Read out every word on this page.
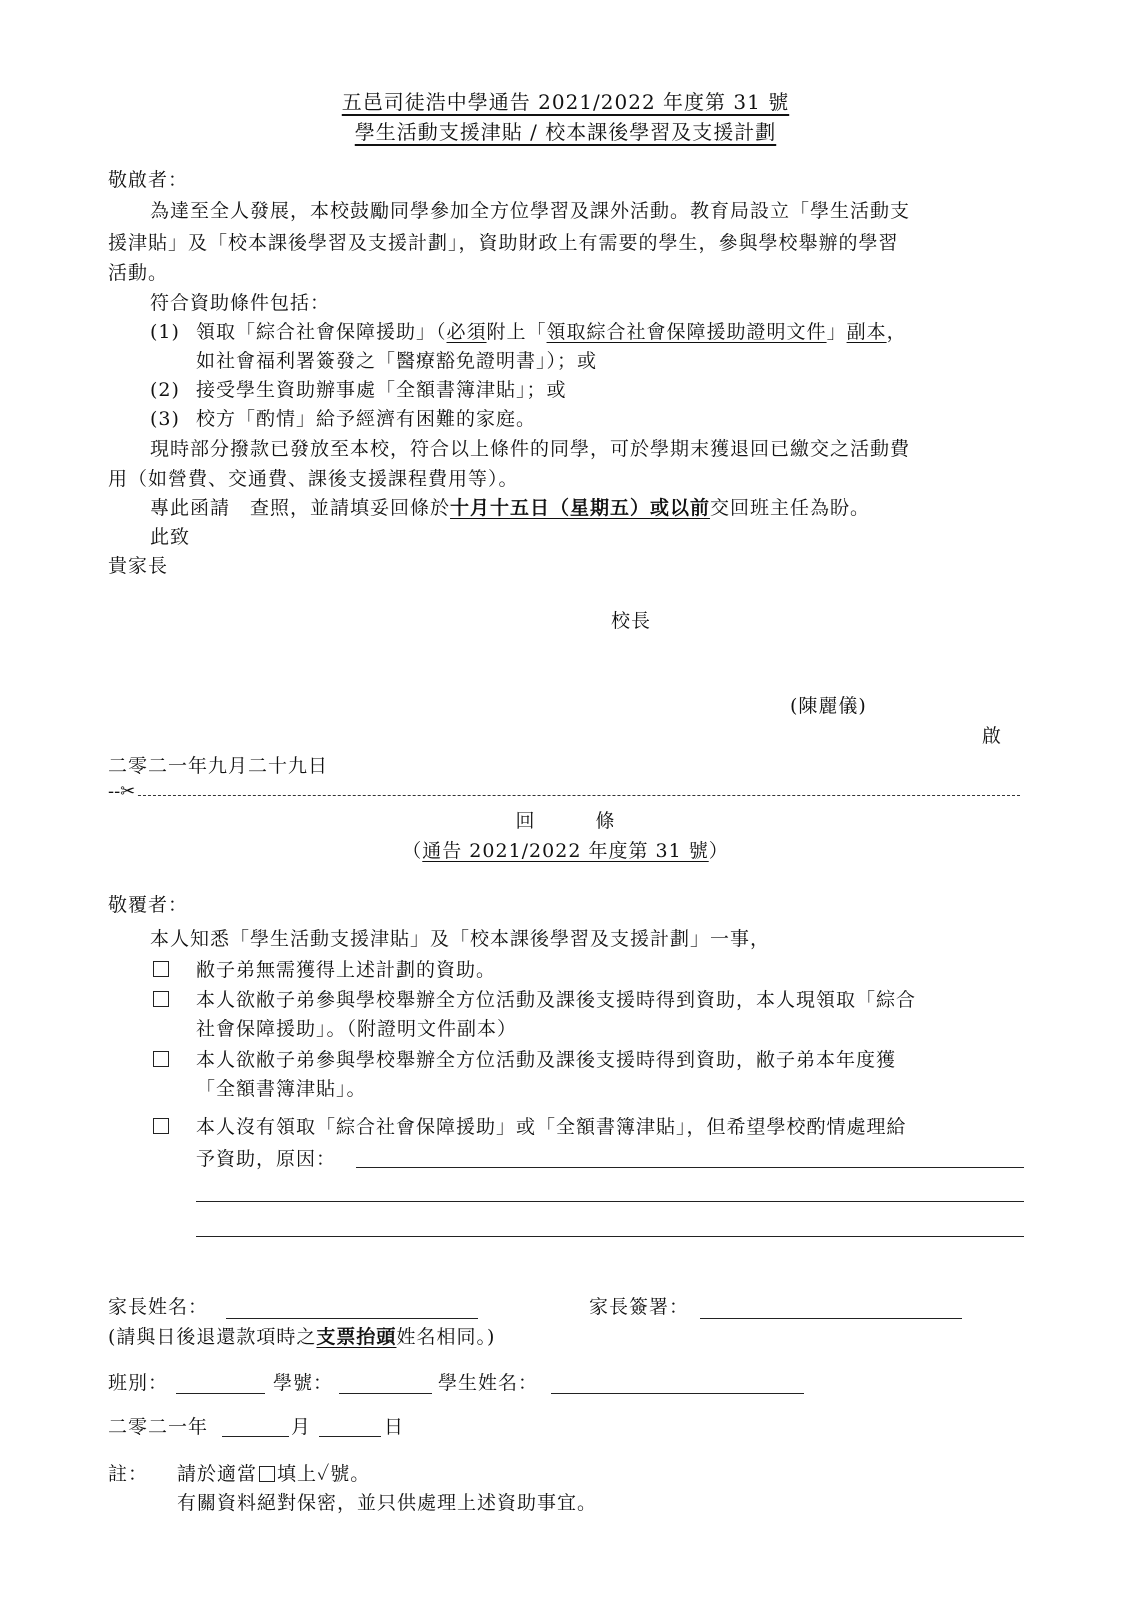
五邑司徒浩中學通告 2021/2022 年度第 31 號
學生活動支援津貼 / 校本課後學習及支援計劃
敬啟者：
為達至全人發展，本校鼓勵同學參加全方位學習及課外活動。教育局設立「學生活動支
援津貼」及「校本課後學習及支援計劃」，資助財政上有需要的學生，參與學校舉辦的學習
活動。
符合資助條件包括：
(1) 領取「綜合社會保障援助」（必須附上「領取綜合社會保障援助證明文件」副本，
如社會福利署簽發之「醫療豁免證明書」）；或
(2) 接受學生資助辦事處「全額書簿津貼」；或
(3) 校方「酌情」給予經濟有困難的家庭。
現時部分撥款已發放至本校，符合以上條件的同學，可於學期末獲退回已繳交之活動費
用（如營費、交通費、課後支援課程費用等）。
專此函請　查照，並請填妥回條於十月十五日（星期五）或以前交回班主任為盼。
此致
貴家長
校長
(陳麗儀)
啟
二零二一年九月二十九日
--✂
回　　　條
（通告 2021/2022 年度第 31 號）
敬覆者：
本人知悉「學生活動支援津貼」及「校本課後學習及支援計劃」一事，
敝子弟無需獲得上述計劃的資助。
本人欲敝子弟參與學校舉辦全方位活動及課後支援時得到資助，本人現領取「綜合
社會保障援助」。（附證明文件副本）
本人欲敝子弟參與學校舉辦全方位活動及課後支援時得到資助，敝子弟本年度獲
「全額書簿津貼」。
本人沒有領取「綜合社會保障援助」或「全額書簿津貼」，但希望學校酌情處理給
予資助，原因：
家長姓名：	家長簽署：
(請與日後退還款項時之支票抬頭姓名相同。)
班別：	學號：	學生姓名：
二零二一年	月	日
註： 請於適當 填上✓號。
有關資料絕對保密，並只供處理上述資助事宜。
